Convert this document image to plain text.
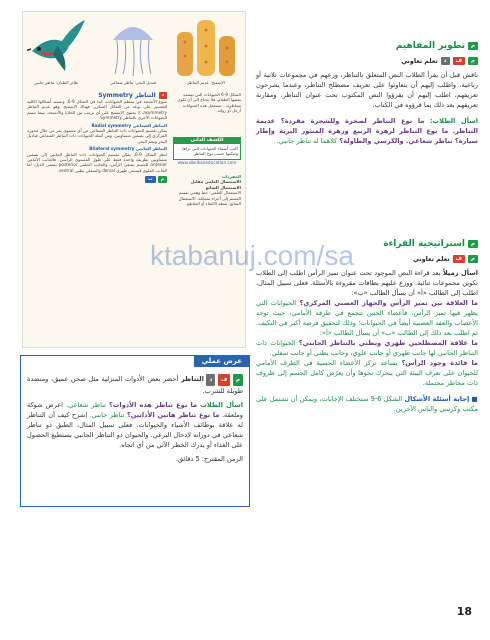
م
تطوير المفاهيم
م
ف
د
تعلم تعاوني
ناقش قبل أن يقرأ الطلاب النص المتعلق بالتناظر، وزعهم في مجموعات ثلاثية أو رباعية، واطلب إليهم أن يتعاونوا على تعريف مصطلح التناظر، وعندما يشرحون تعريفهم، اطلب إليهم أن يقرؤوا النص المكتوب تحت عنوان التناظر، ومقارنة تعريفهم بعد ذلك بما قرؤوه في الكتاب.
اسأل الطلاب: ما نوع التناظر لصخرة وللشجرة مفردة؟ عديمة التناظر. ما نوع التناظر لزهرة الربيع وزهرة المنثور البرية وإطار سيارة؟ تناظر شعاعي. والكرسي والطاولة؟ كلاهما له تناظر جانبي.
م
استراتيجية القراءة
م
ف
تعلم تعاوني
اسأل زميلاً بعد قراءة النص الموجود تحت عنوان تميز الرأس اطلب إلى الطلاب تكوين مجموعات ثنائية. ووزع عليهم بطاقات مقروءة بالأسئلة. فعلى سبيل المثال، اطلب إلى الطالب «أ» أن يسأل الطالب «ب»:
ما العلاقة بين تميز الرأس والجهاز العصبي المركزي؟ الحيوانات التي يظهر فيها تميز الرأس، فأعضاء الحس تتجمع في طرفه الأمامي، حيث توجد الأعصاب والعقد العصبية أيضاً في الحيوانات؛ وذلك لتحقيق فرصة أكبر في التكيف. ثم اطلب بعد ذلك إلى الطالب «ب» أن يسأل الطالب «أ»:
ما علاقة المصطلحين ظهري وبطني بالتناظر الجانبي؟ الحيوانات ذات التناظر الجانبي لها جانب ظهري أو جانب علوي، وجانب بطني أو جانب سفلي.
ما فائدة وجود الرأس؟ يساعد تركز الأعضاء الحسية في الطرف الأمامي للحيوان على تعرف البيئة التي يتحرك نحوها وأن يعرّض كامل الجسم إلى ظروف ذات مخاطر محتملة.
■ إجابة أسئلة الأشكال الشكل 6-9 ستختلف الإجابات، ويمكن أن تشتمل على مكتب وكرسي والناس الآخرين.
طائر الطنان: تناظر جانبي	قنديل البحر: تناظر شعاعي	الإسفنج: عديم التناظر
الشكل 9-6 الحيوانات التي تستمد بعضها الطعام، فلا تحتاج إلى أن تكون متناظرة... تستعمل هذه الحيوانات أرجل أو زوائد.
الكشف الذاتي
اكتب أسماء الحيوانات التي تراها وصنّفها حسب نوع التناظر.
www.obeikaneducation.com
المفردات
الاستعمال العلمي مقابل الاستعمال الشائع
الاستعمال العلمي: خط وهمي يقسم الجسم إلى أجزاء متماثلة. الاستعمال الشائع: نقطة الالتقاء أو التقاطع.
د
التناظر Symmetry
تتنوع الأنسجة في معظم الحيوانات، كما في الشكل 9-6، وتستند أشكالها الكلية للتفسير على نوعه من التماثل المتكرر، فهناك الإسفنج، وهو عديم التناظر asymmetry، لا يحتوي الإسفنج على أي ترتيب بين الخلايا والأنسجة، بينما تتسم الحيوانات الأخرى بالتناظر Symmetry.
التناظر الشعاعي Radial symmetry
يمكن تقسيم الحيوانات ذات التناظر الشعاعي من أي مستوى يمر من خلال محوره المركزي إلى نصفين متساويين، ومن أمثلة الحيوانات ذات التناظر الشعاعي قناديل البحر ونجم البحر.
التناظر الجانبي Bilateral symmetry
انظر الشكل 9-6، يمكن تقسيم الحيوانات ذات التناظر الجانبي إلى نصفين متساويين بطريقة واحدة فقط على طول المستوى الرأسي. فالجانب الأمامي anterior للجسم يسمى الرأس، والجانب الخلفي posterior يسمى الذيل، أما الجانب العلوي فيسمى ظهري dorsal والسفلي بطني ventral.
م
ت
عرض عملي
م ف د التناظر أحضر بعض الأدوات المنزلية مثل صحن عميق، ومنضدة طويلة للشرب.
اسأل الطلاب ما نوع تناظر هذه الأدوات؟ تناظر شعاعي. اعرض شوكة وملعقة. ما نوع تناظر هاتين الأداتين؟ تناظر جانبي. اشرح كيف أن التناظر له علاقة بوظائف الأشياء والحيوانات. فعلى سبيل المثال، الطبق ذو تناظر شعاعي في دورانه لإدخال البرغي، والحيوان ذو التناظر الجانبي يستطيع الحصول على الغذاء أو يدرك الخطر الآتي من أي اتجاه.
الزمن المقترح: 5 دقائق.
ktabanuj.com/sa
18
